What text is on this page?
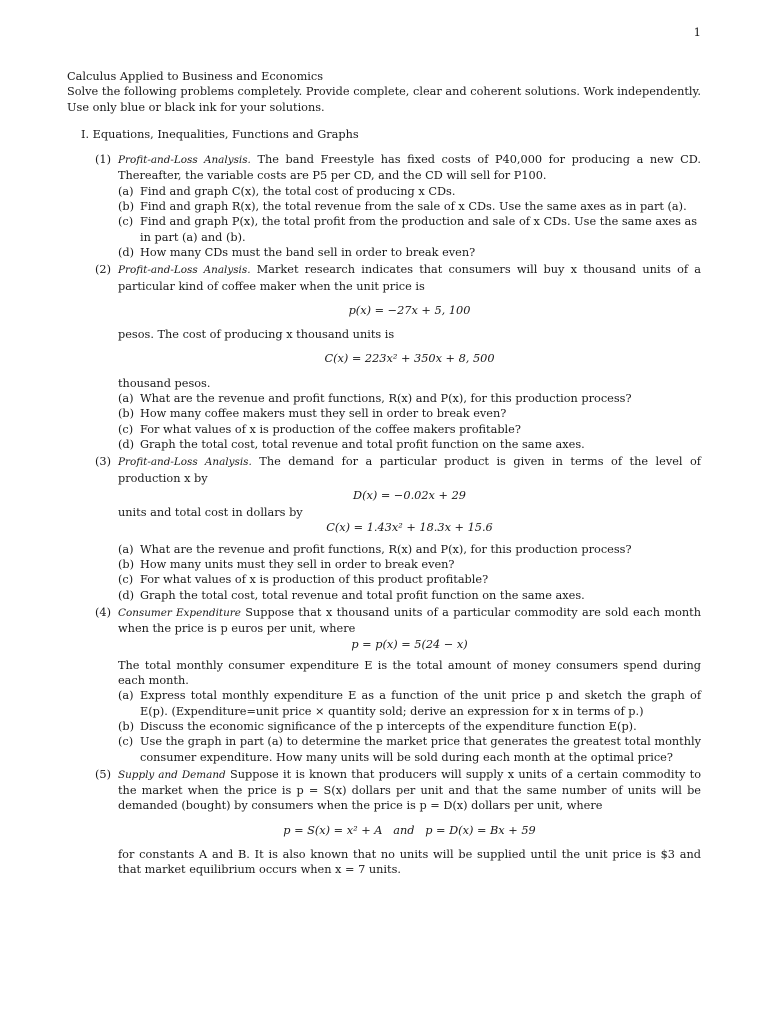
1
Calculus Applied to Business and Economics
Solve the following problems completely. Provide complete, clear and coherent solutions. Work independently. Use only blue or black ink for your solutions.
I. Equations, Inequalities, Functions and Graphs
(1) Profit-and-Loss Analysis. The band Freestyle has fixed costs of P40,000 for producing a new CD. Thereafter, the variable costs are P5 per CD, and the CD will sell for P100.
(a) Find and graph C(x), the total cost of producing x CDs.
(b) Find and graph R(x), the total revenue from the sale of x CDs. Use the same axes as in part (a).
(c) Find and graph P(x), the total profit from the production and sale of x CDs. Use the same axes as in part (a) and (b).
(d) How many CDs must the band sell in order to break even?
(2) Profit-and-Loss Analysis. Market research indicates that consumers will buy x thousand units of a particular kind of coffee maker when the unit price is
p(x) = −27x + 5, 100
pesos. The cost of producing x thousand units is
C(x) = 223x² + 350x + 8, 500
thousand pesos.
(a) What are the revenue and profit functions, R(x) and P(x), for this production process?
(b) How many coffee makers must they sell in order to break even?
(c) For what values of x is production of the coffee makers profitable?
(d) Graph the total cost, total revenue and total profit function on the same axes.
(3) Profit-and-Loss Analysis. The demand for a particular product is given in terms of the level of production x by
D(x) = −0.02x + 29
units and total cost in dollars by
C(x) = 1.43x² + 18.3x + 15.6
(a) What are the revenue and profit functions, R(x) and P(x), for this production process?
(b) How many units must they sell in order to break even?
(c) For what values of x is production of this product profitable?
(d) Graph the total cost, total revenue and total profit function on the same axes.
(4) Consumer Expenditure Suppose that x thousand units of a particular commodity are sold each month when the price is p euros per unit, where
p = p(x) = 5(24 − x)
The total monthly consumer expenditure E is the total amount of money consumers spend during each month.
(a) Express total monthly expenditure E as a function of the unit price p and sketch the graph of E(p). (Expenditure=unit price × quantity sold; derive an expression for x in terms of p.)
(b) Discuss the economic significance of the p intercepts of the expenditure function E(p).
(c) Use the graph in part (a) to determine the market price that generates the greatest total monthly consumer expenditure. How many units will be sold during each month at the optimal price?
(5) Supply and Demand Suppose it is known that producers will supply x units of a certain commodity to the market when the price is p = S(x) dollars per unit and that the same number of units will be demanded (bought) by consumers when the price is p = D(x) dollars per unit, where
p = S(x) = x² + A   and   p = D(x) = Bx + 59
for constants A and B. It is also known that no units will be supplied until the unit price is $3 and that market equilibrium occurs when x = 7 units.
